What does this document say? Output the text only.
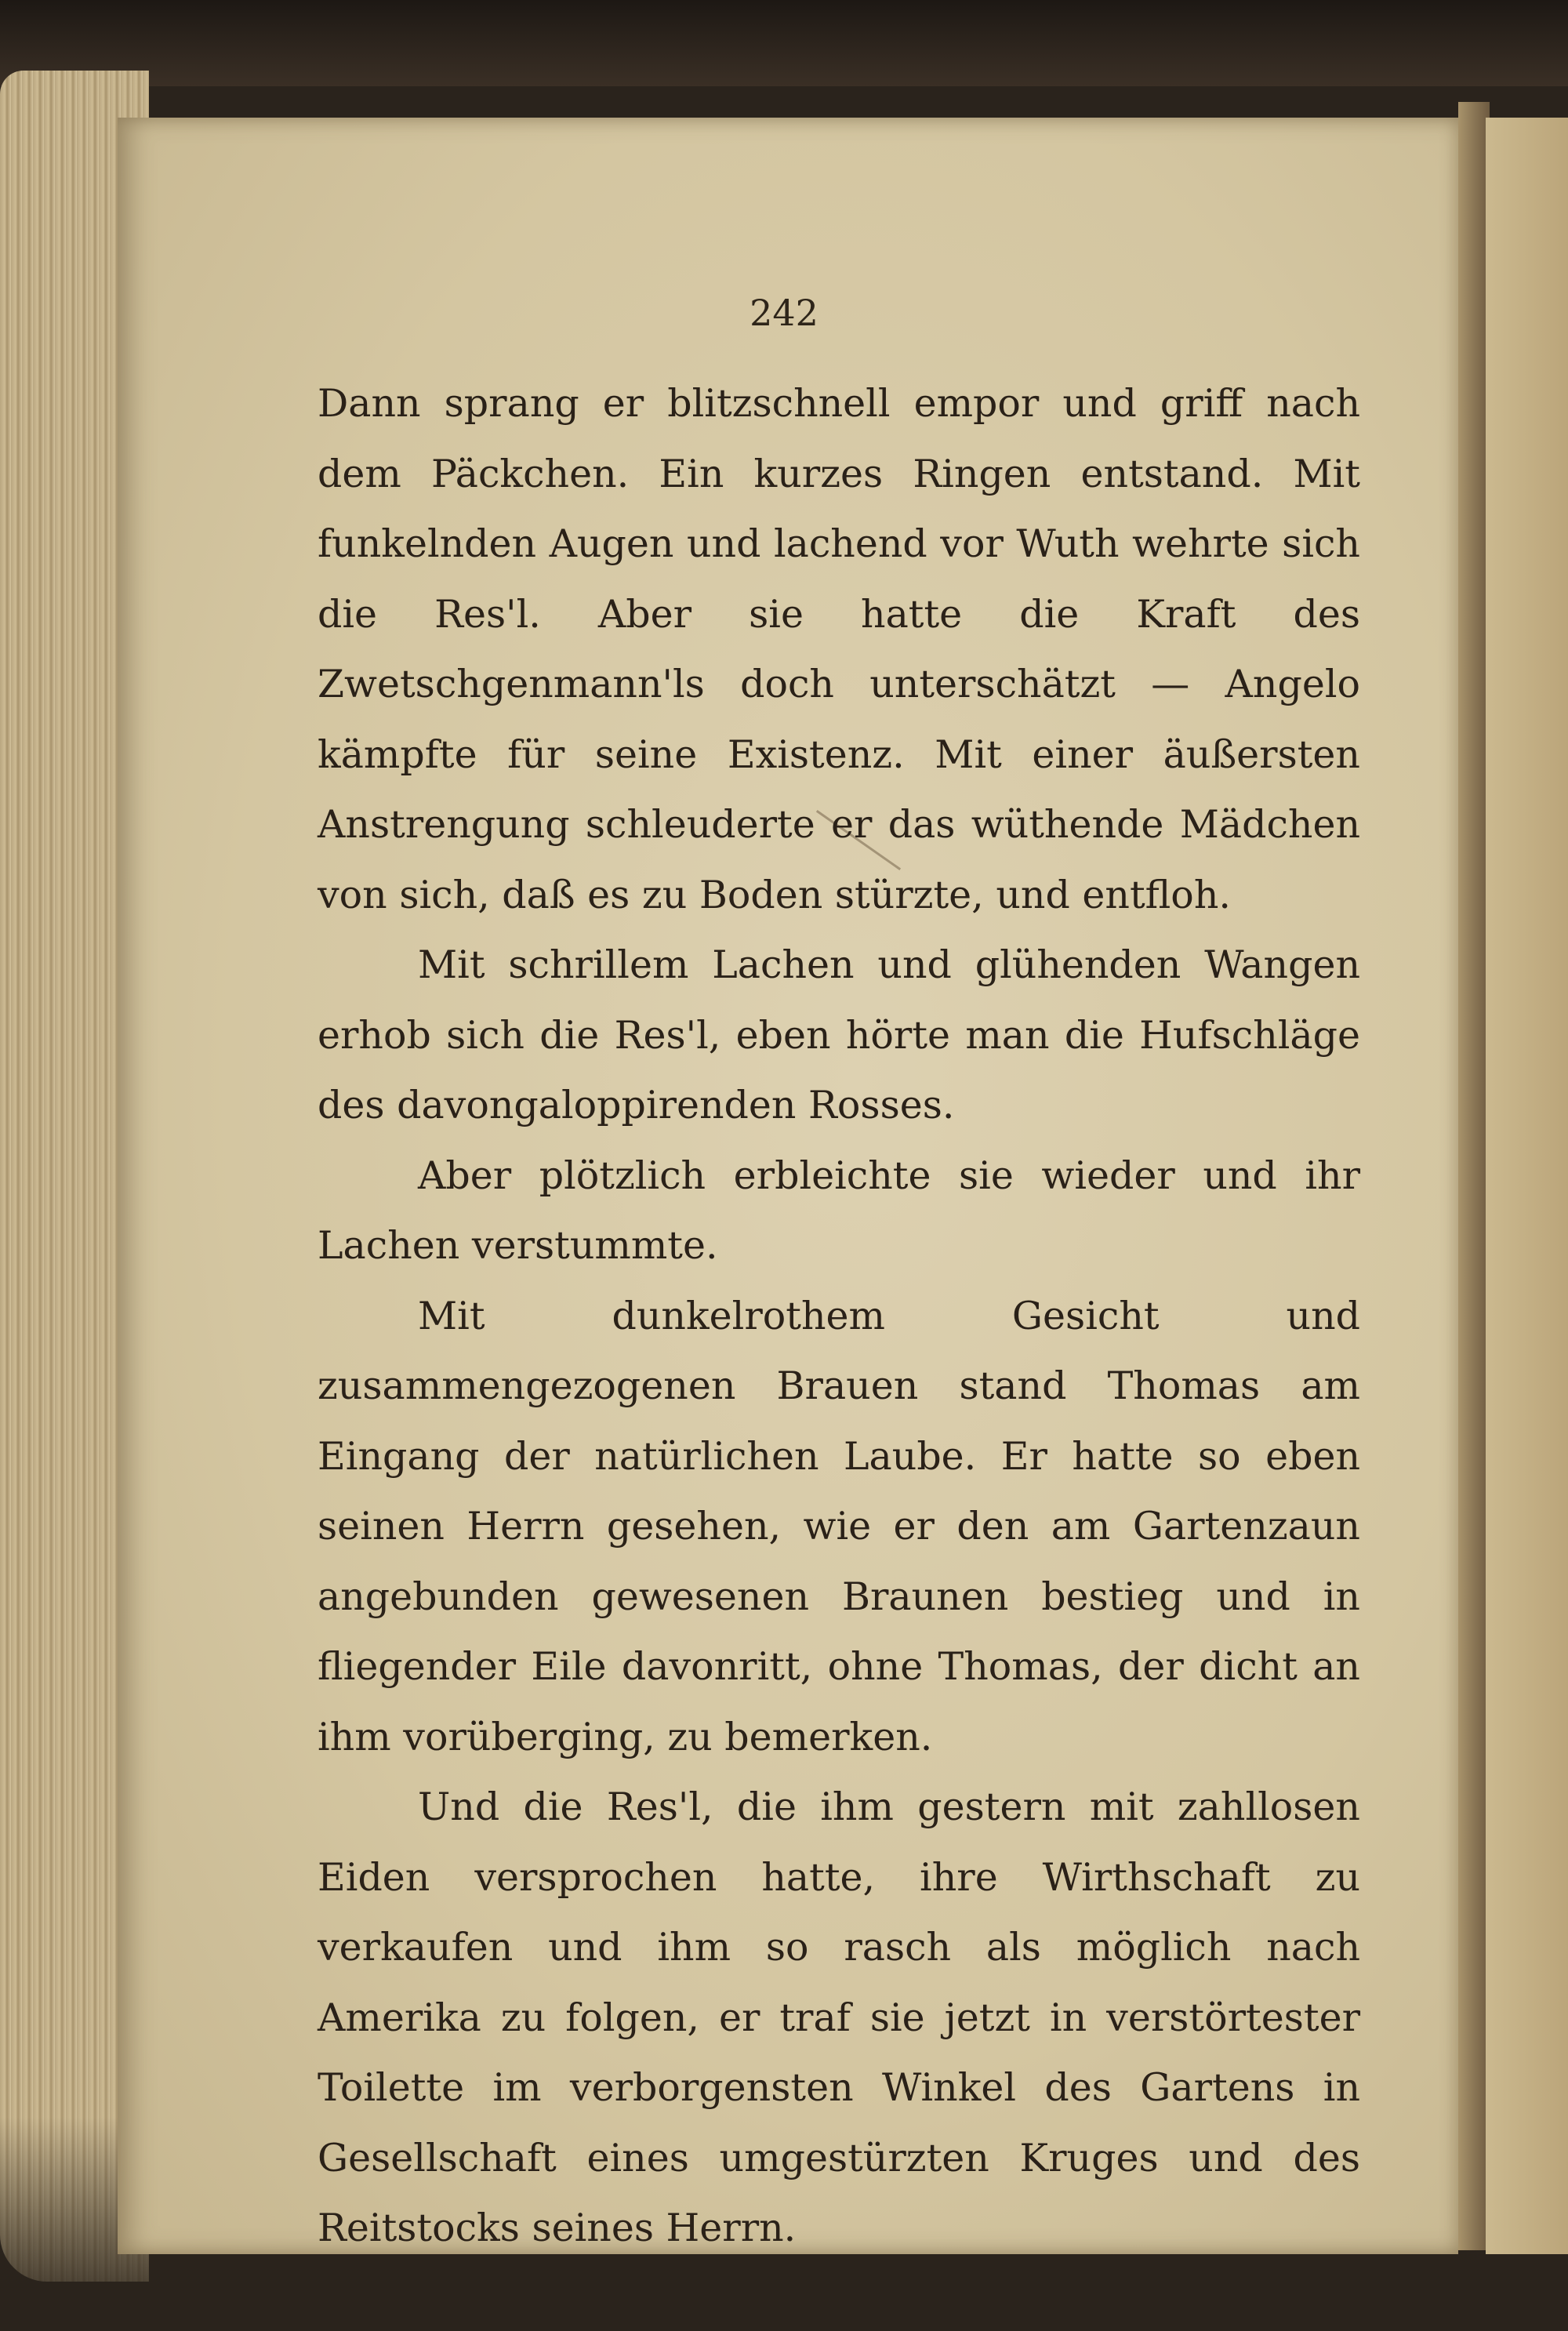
242

Dann sprang er blitzschnell empor und griff nach dem Päckchen. Ein kurzes Ringen entstand. Mit funkelnden Augen und lachend vor Wuth wehrte sich die Res'l. Aber sie hatte die Kraft des Zwetschgenmann'ls doch unterschätzt — Angelo kämpfte für seine Existenz. Mit einer äußersten Anstrengung schleuderte er das wüthende Mädchen von sich, daß es zu Boden stürzte, und entfloh.

Mit schrillem Lachen und glühenden Wangen erhob sich die Res'l, eben hörte man die Hufschläge des davongaloppirenden Rosses.

Aber plötzlich erbleichte sie wieder und ihr Lachen verstummte.

Mit dunkelrothem Gesicht und zusammengezogenen Brauen stand Thomas am Eingang der natürlichen Laube. Er hatte so eben seinen Herrn gesehen, wie er den am Gartenzaun angebunden gewesenen Braunen bestieg und in fliegender Eile davonritt, ohne Thomas, der dicht an ihm vorüberging, zu bemerken.

Und die Res'l, die ihm gestern mit zahllosen Eiden versprochen hatte, ihre Wirthschaft zu verkaufen und ihm so rasch als möglich nach Amerika zu folgen, er traf sie jetzt in verstörtester Toilette im verborgensten Winkel des Gartens in Gesellschaft eines umgestürzten Kruges und des Reitstocks seines Herrn.
